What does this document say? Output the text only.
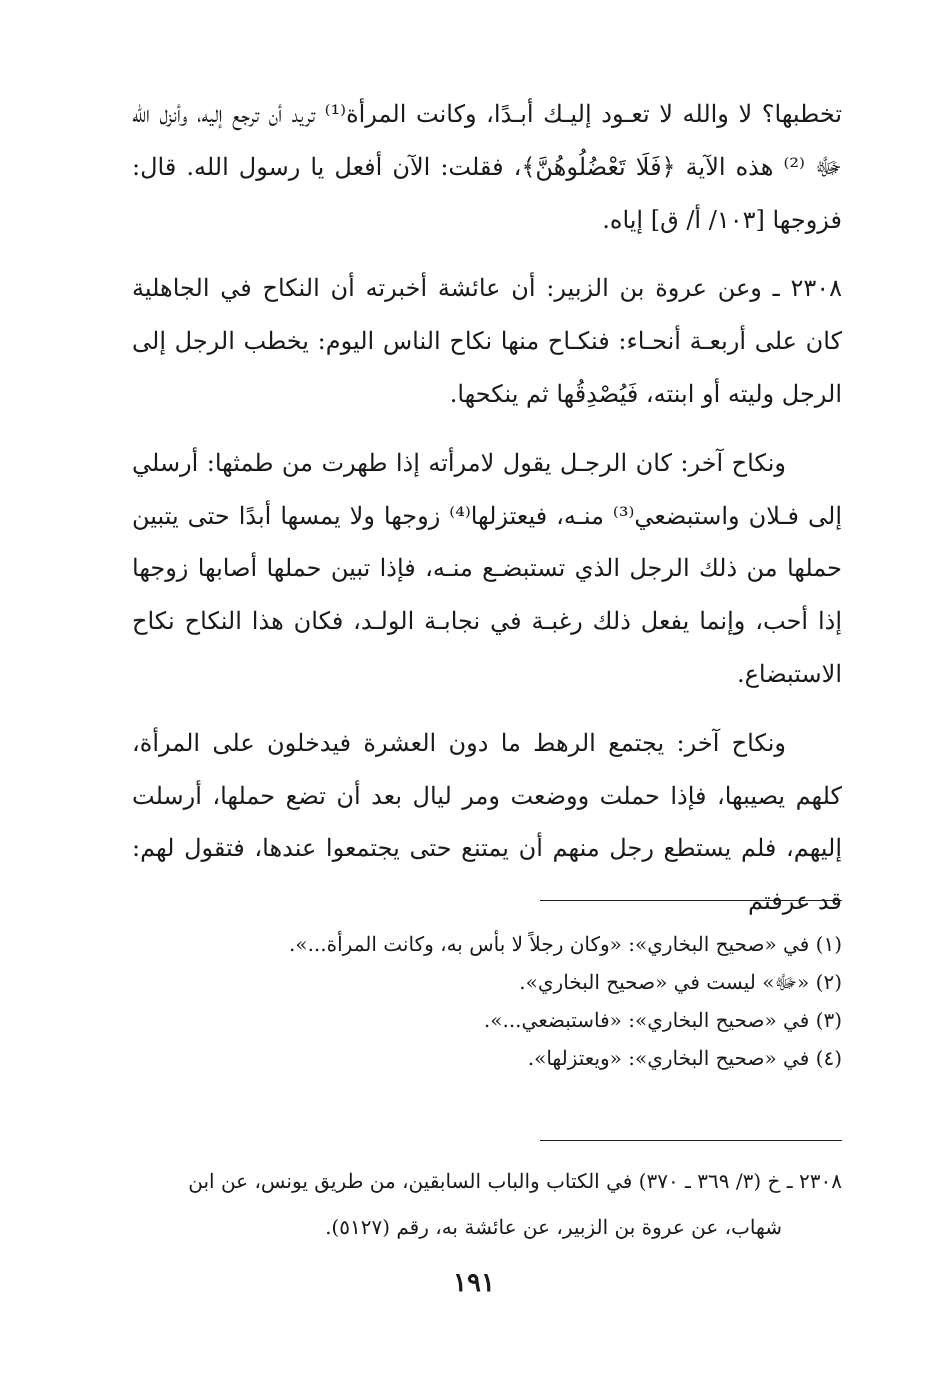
تخطبها؟ لا والله لا تعـود إليـك أبـدًا، وكانت المرأة⁽¹⁾ تريد أن ترجع إليه، وأنزل الله ﷻ ⁽²⁾ هذه الآية ﴿فَلَا تَعْضُلُوهُنَّ﴾، فقلت: الآن أفعل يا رسول الله. قال: فزوجها [١٠٣/ أ/ ق] إياه.

٢٣٠٨ ـ وعن عروة بن الزبير: أن عائشة أخبرته أن النكاح في الجاهلية كان على أربعـة أنحـاء: فنكـاح منها نكاح الناس اليوم: يخطب الرجل إلى الرجل وليته أو ابنته، فَيُصْدِقُها ثم ينكحها.

ونكاح آخر: كان الرجـل يقول لامرأته إذا طهرت من طمثها: أرسلي إلى فـلان واستبضعي⁽³⁾ منـه، فيعتزلها⁽⁴⁾ زوجها ولا يمسها أبدًا حتى يتبين حملها من ذلك الرجل الذي تستبضـع منـه، فإذا تبين حملها أصابها زوجها إذا أحب، وإنما يفعل ذلك رغبـة في نجابـة الولـد، فكان هذا النكاح نكاح الاستبضاع.

ونكاح آخر: يجتمع الرهط ما دون العشرة فيدخلون على المرأة، كلهم يصيبها، فإذا حملت ووضعت ومر ليال بعد أن تضع حملها، أرسلت إليهم، فلم يستطع رجل منهم أن يمتنع حتى يجتمعوا عندها، فتقول لهم: قد عرفتم

(١) في «صحيح البخاري»: «وكان رجلاً لا بأس به، وكانت المرأة...».

(٢) «ﷻ» ليست في «صحيح البخاري».

(٣) في «صحيح البخاري»: «فاستبضعي...».

(٤) في «صحيح البخاري»: «ويعتزلها».

٢٣٠٨ ـ خ (٣/ ٣٦٩ ـ ٣٧٠) في الكتاب والباب السابقين، من طريق يونس، عن ابن
شهاب، عن عروة بن الزبير، عن عائشة به، رقم (٥١٢٧).
١٩١
